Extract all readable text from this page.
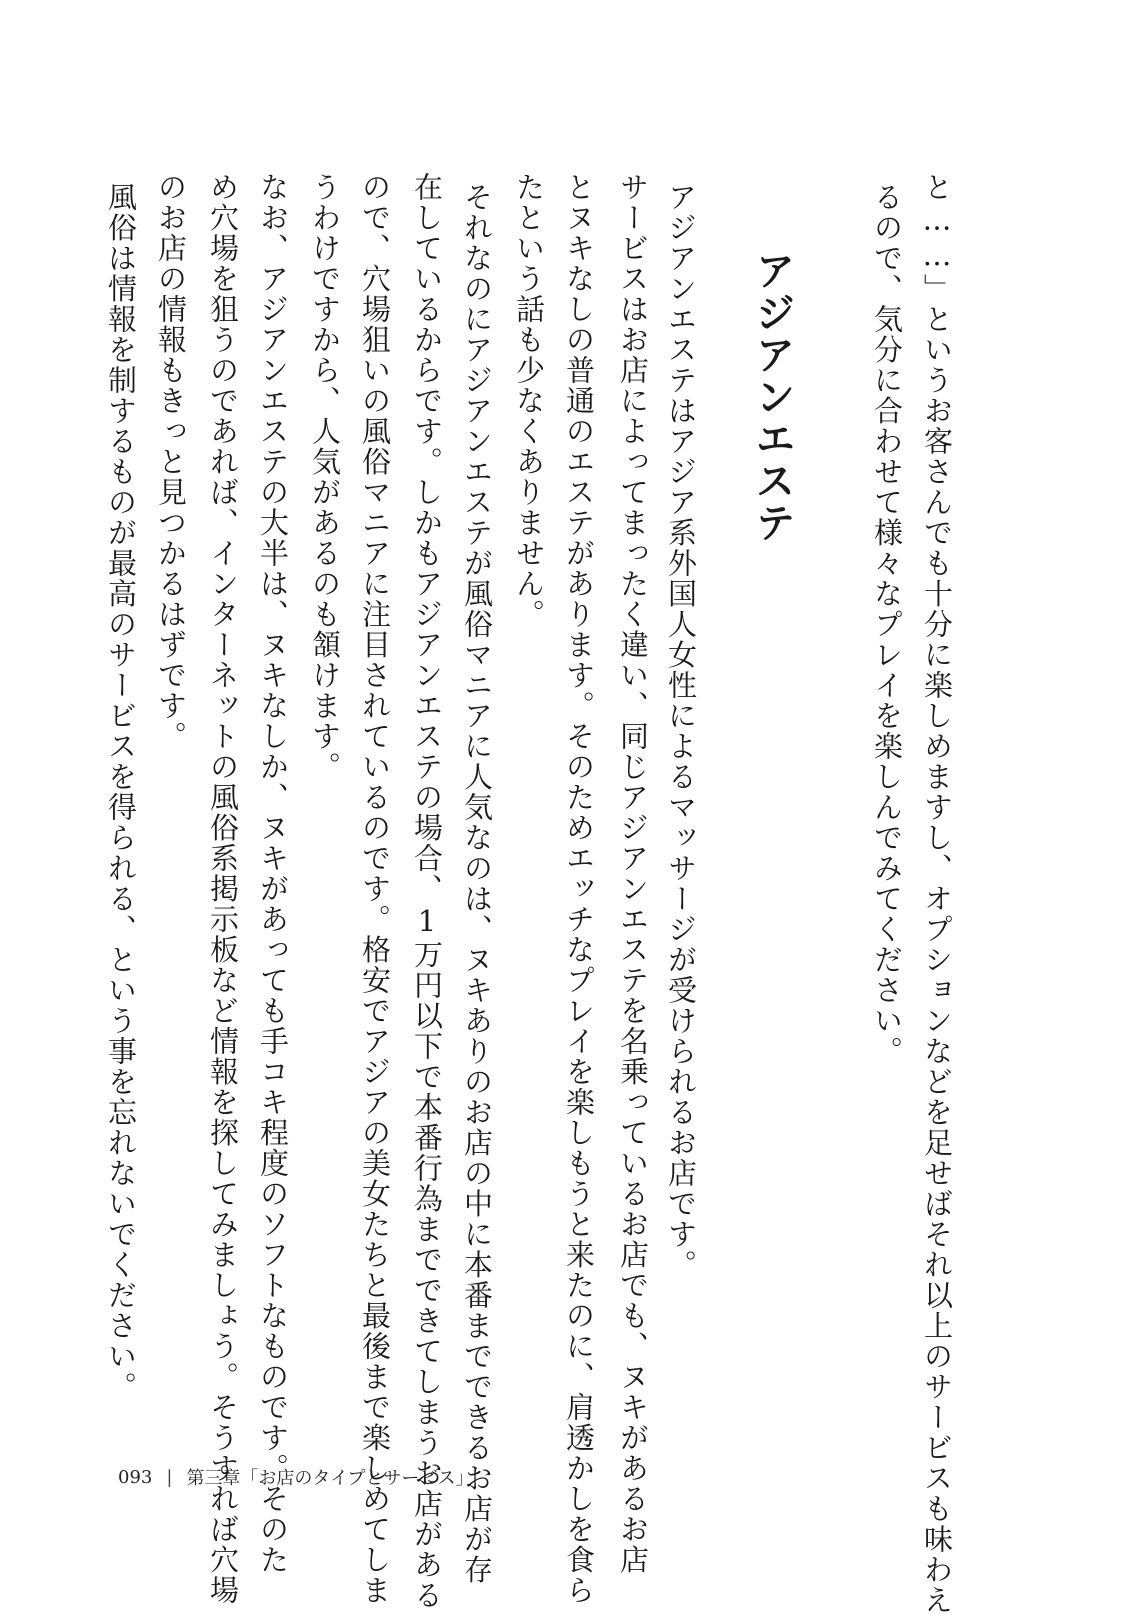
るので、気分に合わせて様々なプレイを楽しんでみてください。 と……」というお客さんでも十分に楽しめますし、オプションなどを足せばそれ以上のサービスも味わえ
アジアンエステ
アジアンエステはアジア系外国人女性によるマッサージが受けられるお店です。
サービスはお店によってまったく違い、同じアジアンエステを名乗っているお店でも、ヌキがあるお店
とヌキなしの普通のエステがあります。そのためエッチなプレイを楽しもうと来たのに、肩透かしを食ら
たという話も少なくありません。
それなのにアジアンエステが風俗マニアに人気なのは、ヌキありのお店の中に本番までできるお店が存
在しているからです。しかもアジアンエステの場合、1万円以下で本番行為までできてしまうお店がある
ので、穴場狙いの風俗マニアに注目されているのです。格安でアジアの美女たちと最後まで楽しめてしま
うわけですから、人気があるのも頷けます。
なお、アジアンエステの大半は、ヌキなしか、ヌキがあっても手コキ程度のソフトなものです。そのた
め穴場を狙うのであれば、インターネットの風俗系掲示板など情報を探してみましょう。そうすれば穴場
のお店の情報もきっと見つかるはずです。
風俗は情報を制するものが最高のサービスを得られる、という事を忘れないでください。
093 | 第三章「お店のタイプとサービス」
